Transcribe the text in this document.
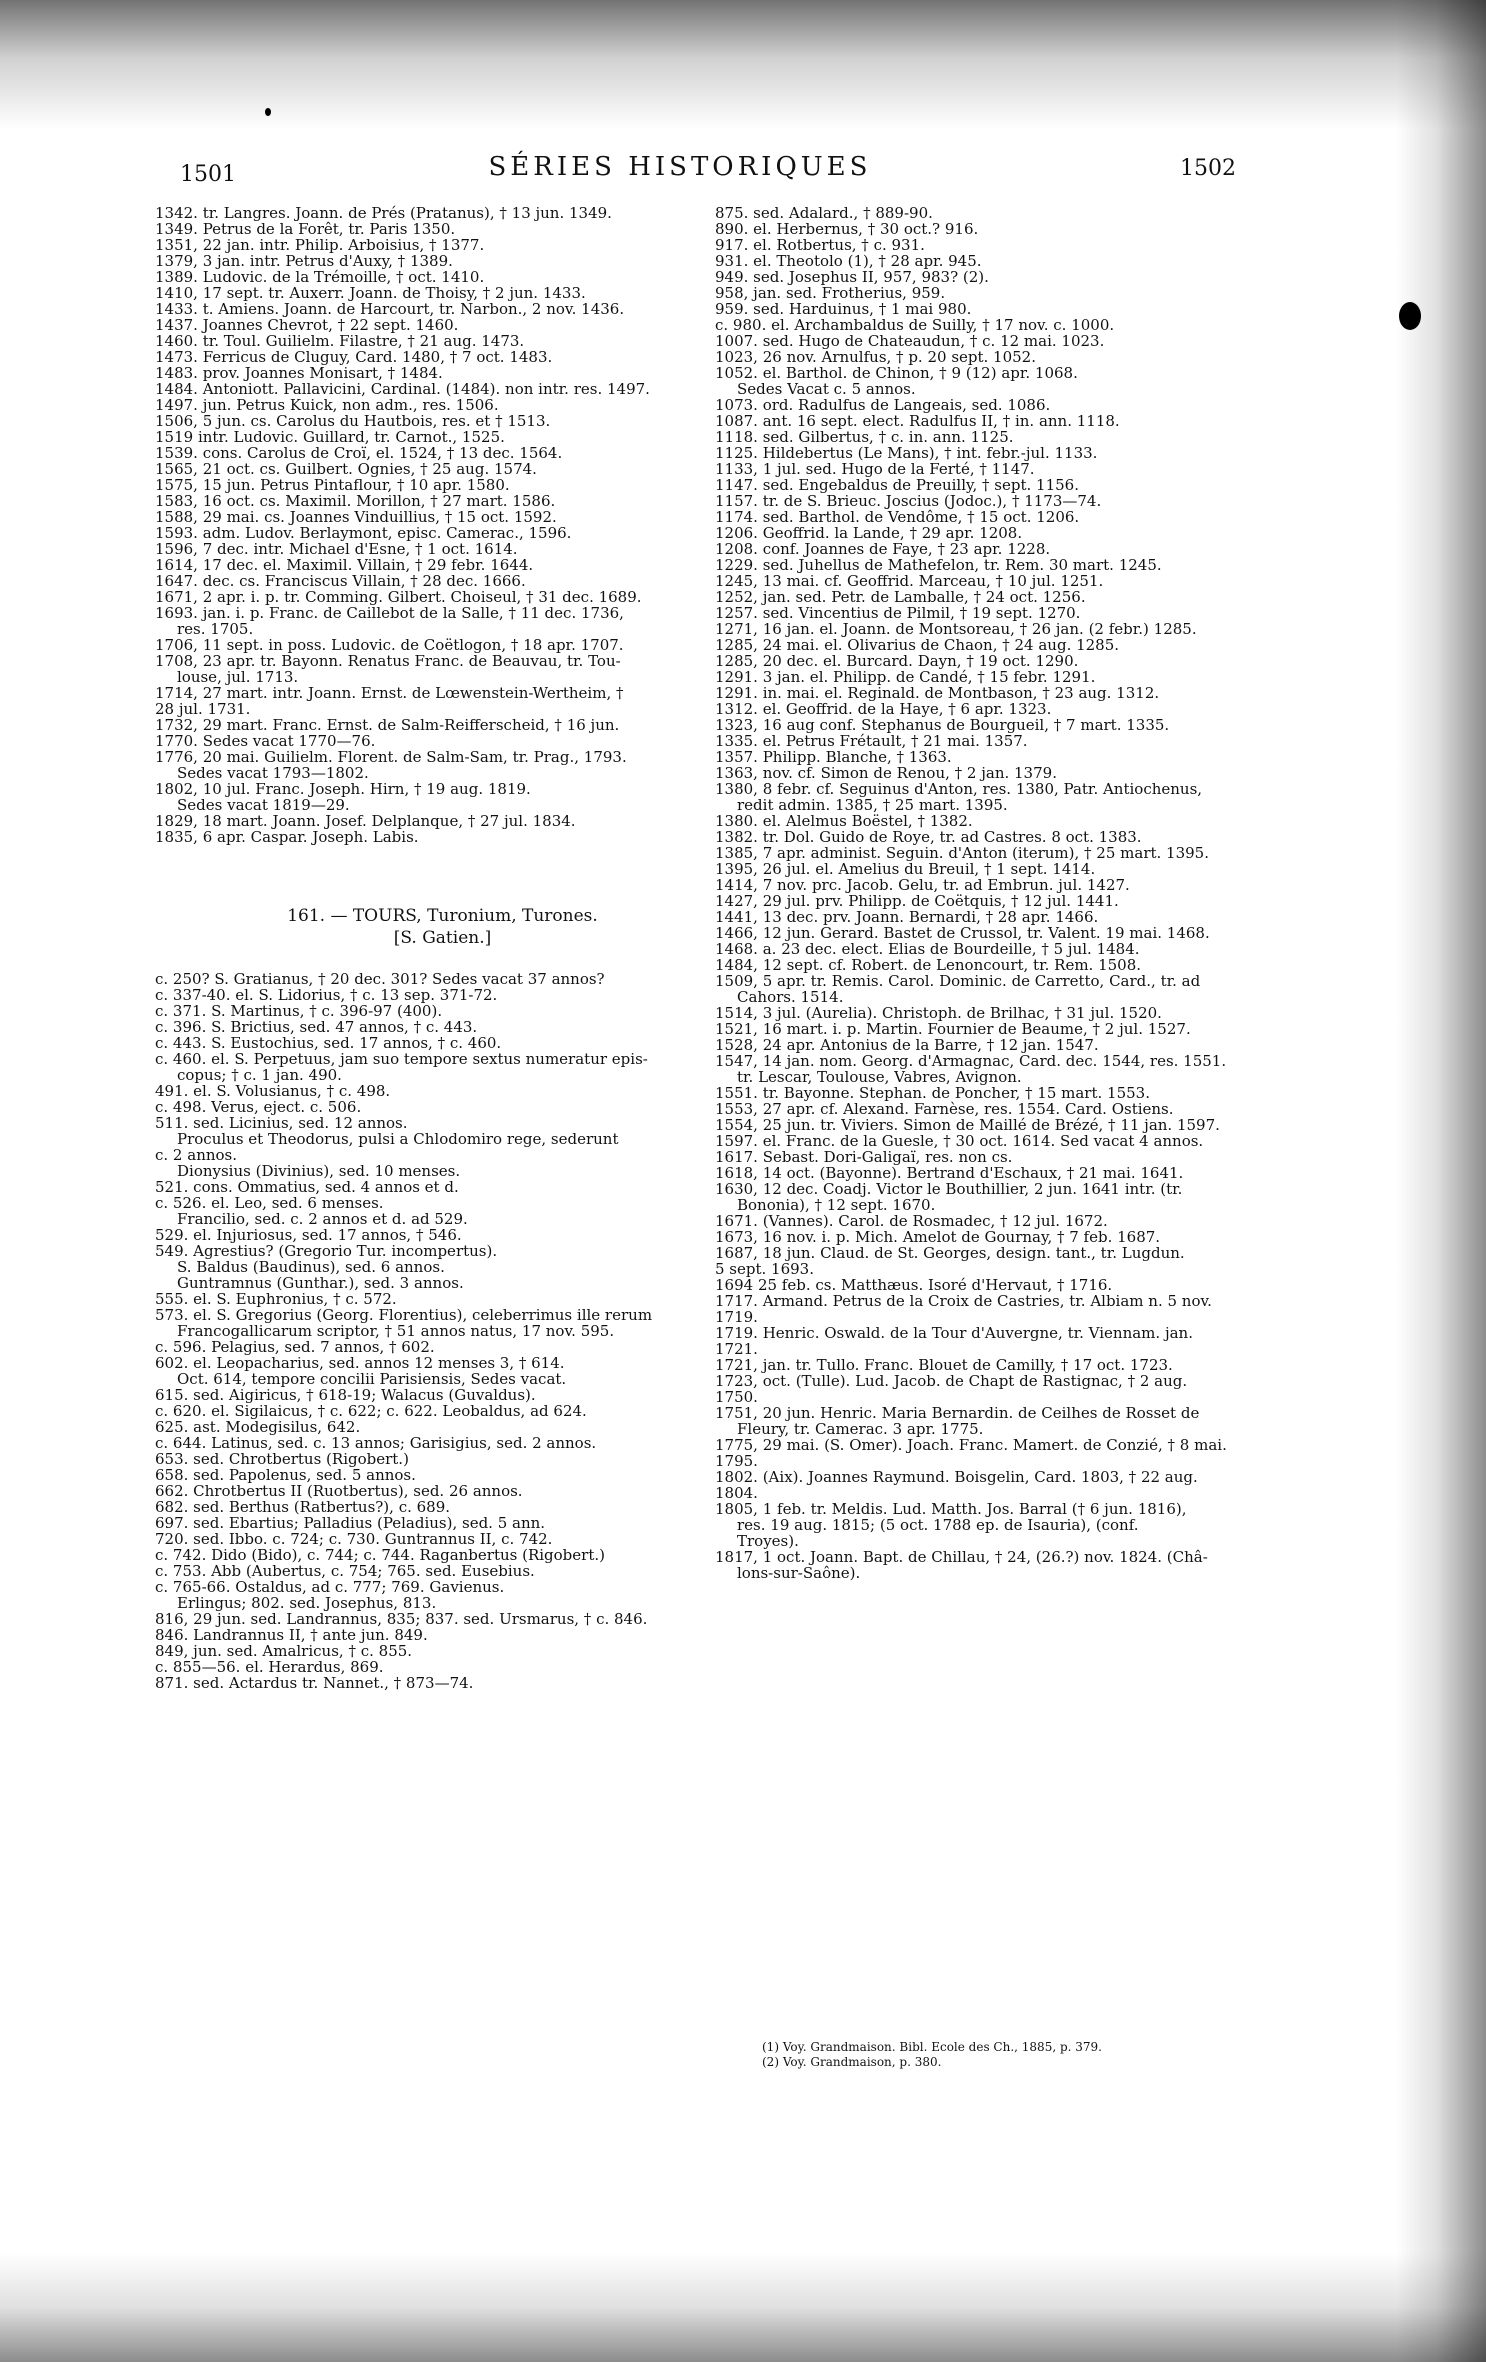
1501	SÉRIES HISTORIQUES	1502
1342. tr. Langres. Joann. de Prés (Pratanus), † 13 jun. 1349.
1349. Petrus de la Forêt, tr. Paris 1350.
1351, 22 jan. intr. Philip. Arboisius, † 1377.
1379, 3 jan. intr. Petrus d'Auxy, † 1389.
1389. Ludovic. de la Trémoille, † oct. 1410.
1410, 17 sept. tr. Auxerr. Joann. de Thoisy, † 2 jun. 1433.
1433. t. Amiens. Joann. de Harcourt, tr. Narbon., 2 nov. 1436.
1437. Joannes Chevrot, † 22 sept. 1460.
1460. tr. Toul. Guilielm. Filastre, † 21 aug. 1473.
1473. Ferricus de Cluguy, Card. 1480, † 7 oct. 1483.
1483. prov. Joannes Monisart, † 1484.
1484. Antoniott. Pallavicini, Cardinal. (1484). non intr. res. 1497.
1497. jun. Petrus Kuick, non adm., res. 1506.
1506, 5 jun. cs. Carolus du Hautbois, res. et † 1513.
1519 intr. Ludovic. Guillard, tr. Carnot., 1525.
1539. cons. Carolus de Croï, el. 1524, † 13 dec. 1564.
1565, 21 oct. cs. Guilbert. Ognies, † 25 aug. 1574.
1575, 15 jun. Petrus Pintaflour, † 10 apr. 1580.
1583, 16 oct. cs. Maximil. Morillon, † 27 mart. 1586.
1588, 29 mai. cs. Joannes Vinduillius, † 15 oct. 1592.
1593. adm. Ludov. Berlaymont, episc. Camerac., 1596.
1596, 7 dec. intr. Michael d'Esne, † 1 oct. 1614.
1614, 17 dec. el. Maximil. Villain, † 29 febr. 1644.
1647. dec. cs. Franciscus Villain, † 28 dec. 1666.
1671, 2 apr. i. p. tr. Comming. Gilbert. Choiseul, † 31 dec. 1689.
1693. jan. i. p. Franc. de Caillebot de la Salle, † 11 dec. 1736,
res. 1705.
1706, 11 sept. in poss. Ludovic. de Coëtlogon, † 18 apr. 1707.
1708, 23 apr. tr. Bayonn. Renatus Franc. de Beauvau, tr. Tou-
louse, jul. 1713.
1714, 27 mart. intr. Joann. Ernst. de Lœwenstein-Wertheim, †
28 jul. 1731.
1732, 29 mart. Franc. Ernst. de Salm-Reifferscheid, † 16 jun.
1770. Sedes vacat 1770—76.
1776, 20 mai. Guilielm. Florent. de Salm-Sam, tr. Prag., 1793.
Sedes vacat 1793—1802.
1802, 10 jul. Franc. Joseph. Hirn, † 19 aug. 1819.
Sedes vacat 1819—29.
1829, 18 mart. Joann. Josef. Delplanque, † 27 jul. 1834.
1835, 6 apr. Caspar. Joseph. Labis.
161. — TOURS, Turonium, Turones.
[S. Gatien.]
c. 250? S. Gratianus, † 20 dec. 301? Sedes vacat 37 annos?
c. 337-40. el. S. Lidorius, † c. 13 sep. 371-72.
c. 371. S. Martinus, † c. 396-97 (400).
c. 396. S. Brictius, sed. 47 annos, † c. 443.
c. 443. S. Eustochius, sed. 17 annos, † c. 460.
c. 460. el. S. Perpetuus, jam suo tempore sextus numeratur epis-
copus; † c. 1 jan. 490.
491. el. S. Volusianus, † c. 498.
c. 498. Verus, eject. c. 506.
511. sed. Licinius, sed. 12 annos.
Proculus et Theodorus, pulsi a Chlodomiro rege, sederunt
c. 2 annos.
Dionysius (Divinius), sed. 10 menses.
521. cons. Ommatius, sed. 4 annos et d.
c. 526. el. Leo, sed. 6 menses.
Francilio, sed. c. 2 annos et d. ad 529.
529. el. Injuriosus, sed. 17 annos, † 546.
549. Agrestius? (Gregorio Tur. incompertus).
S. Baldus (Baudinus), sed. 6 annos.
Guntramnus (Gunthar.), sed. 3 annos.
555. el. S. Euphronius, † c. 572.
573. el. S. Gregorius (Georg. Florentius), celeberrimus ille rerum
Francogallicarum scriptor, † 51 annos natus, 17 nov. 595.
c. 596. Pelagius, sed. 7 annos, † 602.
602. el. Leopacharius, sed. annos 12 menses 3, † 614.
Oct. 614, tempore concilii Parisiensis, Sedes vacat.
615. sed. Aigiricus, † 618-19; Walacus (Guvaldus).
c. 620. el. Sigilaicus, † c. 622; c. 622. Leobaldus, ad 624.
625. ast. Modegisilus, 642.
c. 644. Latinus, sed. c. 13 annos; Garisigius, sed. 2 annos.
653. sed. Chrotbertus (Rigobert.)
658. sed. Papolenus, sed. 5 annos.
662. Chrotbertus II (Ruotbertus), sed. 26 annos.
682. sed. Berthus (Ratbertus?), c. 689.
697. sed. Ebartius; Palladius (Peladius), sed. 5 ann.
720. sed. Ibbo. c. 724; c. 730. Guntrannus II, c. 742.
c. 742. Dido (Bido), c. 744; c. 744. Raganbertus (Rigobert.)
c. 753. Abb (Aubertus, c. 754; 765. sed. Eusebius.
c. 765-66. Ostaldus, ad c. 777; 769. Gavienus.
Erlingus; 802. sed. Josephus, 813.
816, 29 jun. sed. Landrannus, 835; 837. sed. Ursmarus, † c. 846.
846. Landrannus II, † ante jun. 849.
849, jun. sed. Amalricus, † c. 855.
c. 855—56. el. Herardus, 869.
871. sed. Actardus tr. Nannet., † 873—74.
875. sed. Adalard., † 889-90.
890. el. Herbernus, † 30 oct.? 916.
917. el. Rotbertus, † c. 931.
931. el. Theotolo (1), † 28 apr. 945.
949. sed. Josephus II, 957, 983? (2).
958, jan. sed. Frotherius, 959.
959. sed. Harduinus, † 1 mai 980.
c. 980. el. Archambaldus de Suilly, † 17 nov. c. 1000.
1007. sed. Hugo de Chateaudun, † c. 12 mai. 1023.
1023, 26 nov. Arnulfus, † p. 20 sept. 1052.
1052. el. Barthol. de Chinon, † 9 (12) apr. 1068.
Sedes Vacat c. 5 annos.
1073. ord. Radulfus de Langeais, sed. 1086.
1087. ant. 16 sept. elect. Radulfus II, † in. ann. 1118.
1118. sed. Gilbertus, † c. in. ann. 1125.
1125. Hildebertus (Le Mans), † int. febr.-jul. 1133.
1133, 1 jul. sed. Hugo de la Ferté, † 1147.
1147. sed. Engebaldus de Preuilly, † sept. 1156.
1157. tr. de S. Brieuc. Joscius (Jodoc.), † 1173—74.
1174. sed. Barthol. de Vendôme, † 15 oct. 1206.
1206. Geoffrid. la Lande, † 29 apr. 1208.
1208. conf. Joannes de Faye, † 23 apr. 1228.
1229. sed. Juhellus de Mathefelon, tr. Rem. 30 mart. 1245.
1245, 13 mai. cf. Geoffrid. Marceau, † 10 jul. 1251.
1252, jan. sed. Petr. de Lamballe, † 24 oct. 1256.
1257. sed. Vincentius de Pilmil, † 19 sept. 1270.
1271, 16 jan. el. Joann. de Montsoreau, † 26 jan. (2 febr.) 1285.
1285, 24 mai. el. Olivarius de Chaon, † 24 aug. 1285.
1285, 20 dec. el. Burcard. Dayn, † 19 oct. 1290.
1291. 3 jan. el. Philipp. de Candé, † 15 febr. 1291.
1291. in. mai. el. Reginald. de Montbason, † 23 aug. 1312.
1312. el. Geoffrid. de la Haye, † 6 apr. 1323.
1323, 16 aug conf. Stephanus de Bourgueil, † 7 mart. 1335.
1335. el. Petrus Frétault, † 21 mai. 1357.
1357. Philipp. Blanche, † 1363.
1363, nov. cf. Simon de Renou, † 2 jan. 1379.
1380, 8 febr. cf. Seguinus d'Anton, res. 1380, Patr. Antiochenus,
redit admin. 1385, † 25 mart. 1395.
1380. el. Alelmus Boëstel, † 1382.
1382. tr. Dol. Guido de Roye, tr. ad Castres. 8 oct. 1383.
1385, 7 apr. administ. Seguin. d'Anton (iterum), † 25 mart. 1395.
1395, 26 jul. el. Amelius du Breuil, † 1 sept. 1414.
1414, 7 nov. prc. Jacob. Gelu, tr. ad Embrun. jul. 1427.
1427, 29 jul. prv. Philipp. de Coëtquis, † 12 jul. 1441.
1441, 13 dec. prv. Joann. Bernardi, † 28 apr. 1466.
1466, 12 jun. Gerard. Bastet de Crussol, tr. Valent. 19 mai. 1468.
1468. a. 23 dec. elect. Elias de Bourdeille, † 5 jul. 1484.
1484, 12 sept. cf. Robert. de Lenoncourt, tr. Rem. 1508.
1509, 5 apr. tr. Remis. Carol. Dominic. de Carretto, Card., tr. ad
Cahors. 1514.
1514, 3 jul. (Aurelia). Christoph. de Brilhac, † 31 jul. 1520.
1521, 16 mart. i. p. Martin. Fournier de Beaume, † 2 jul. 1527.
1528, 24 apr. Antonius de la Barre, † 12 jan. 1547.
1547, 14 jan. nom. Georg. d'Armagnac, Card. dec. 1544, res. 1551.
tr. Lescar, Toulouse, Vabres, Avignon.
1551. tr. Bayonne. Stephan. de Poncher, † 15 mart. 1553.
1553, 27 apr. cf. Alexand. Farnèse, res. 1554. Card. Ostiens.
1554, 25 jun. tr. Viviers. Simon de Maillé de Brézé, † 11 jan. 1597.
1597. el. Franc. de la Guesle, † 30 oct. 1614. Sed vacat 4 annos.
1617. Sebast. Dori-Galigaï, res. non cs.
1618, 14 oct. (Bayonne). Bertrand d'Eschaux, † 21 mai. 1641.
1630, 12 dec. Coadj. Victor le Bouthillier, 2 jun. 1641 intr. (tr.
Bononia), † 12 sept. 1670.
1671. (Vannes). Carol. de Rosmadec, † 12 jul. 1672.
1673, 16 nov. i. p. Mich. Amelot de Gournay, † 7 feb. 1687.
1687, 18 jun. Claud. de St. Georges, design. tant., tr. Lugdun.
5 sept. 1693.
1694 25 feb. cs. Matthæus. Isoré d'Hervaut, † 1716.
1717. Armand. Petrus de la Croix de Castries, tr. Albiam n. 5 nov.
1719.
1719. Henric. Oswald. de la Tour d'Auvergne, tr. Viennam. jan.
1721.
1721, jan. tr. Tullo. Franc. Blouet de Camilly, † 17 oct. 1723.
1723, oct. (Tulle). Lud. Jacob. de Chapt de Rastignac, † 2 aug.
1750.
1751, 20 jun. Henric. Maria Bernardin. de Ceilhes de Rosset de
Fleury, tr. Camerac. 3 apr. 1775.
1775, 29 mai. (S. Omer). Joach. Franc. Mamert. de Conzié, † 8 mai.
1795.
1802. (Aix). Joannes Raymund. Boisgelin, Card. 1803, † 22 aug.
1804.
1805, 1 feb. tr. Meldis. Lud. Matth. Jos. Barral († 6 jun. 1816),
res. 19 aug. 1815; (5 oct. 1788 ep. de Isauria), (conf.
Troyes).
1817, 1 oct. Joann. Bapt. de Chillau, † 24, (26.?) nov. 1824. (Châ-
lons-sur-Saône).
(1) Voy. Grandmaison. Bibl. Ecole des Ch., 1885, p. 379.
(2) Voy. Grandmaison, p. 380.
